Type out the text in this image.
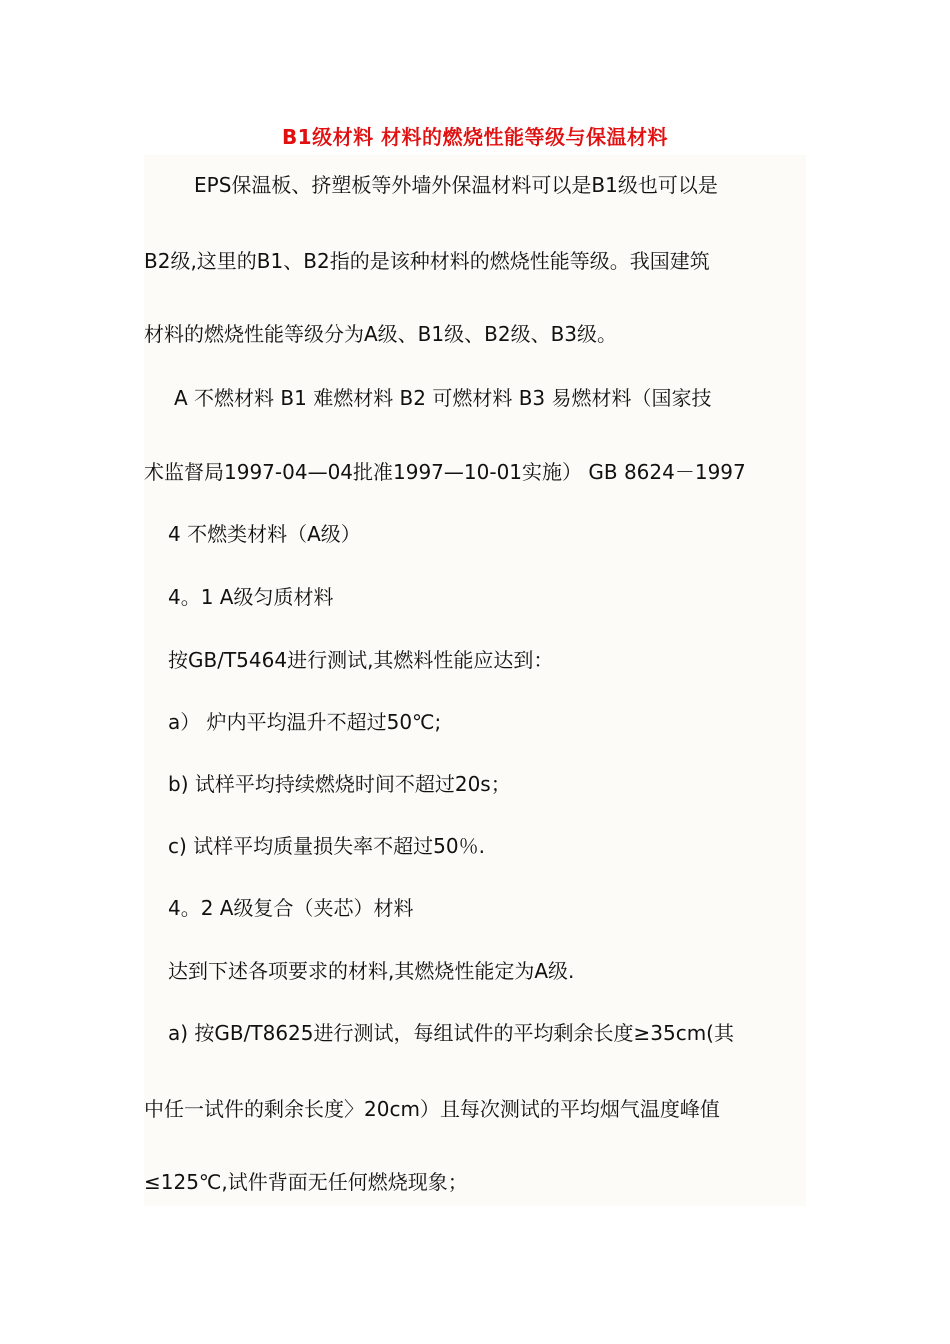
B1级材料 材料的燃烧性能等级与保温材料
EPS保温板、挤塑板等外墙外保温材料可以是B1级也可以是
B2级,这里的B1、B2指的是该种材料的燃烧性能等级。我国建筑
材料的燃烧性能等级分为A级、B1级、B2级、B3级。
A 不燃材料 B1 难燃材料 B2 可燃材料 B3 易燃材料（国家技
术监督局1997-04—04批准1997—10-01实施） GB 8624－1997
4 不燃类材料（A级）
4。1 A级匀质材料
按GB/T5464进行测试,其燃料性能应达到：
a） 炉内平均温升不超过50℃;
b) 试样平均持续燃烧时间不超过20s；
c) 试样平均质量损失率不超过50％.
4。2 A级复合（夹芯）材料
达到下述各项要求的材料,其燃烧性能定为A级.
a) 按GB/T8625进行测试，每组试件的平均剩余长度≥35cm(其
中任一试件的剩余长度〉20cm）且每次测试的平均烟气温度峰值
≤125℃,试件背面无任何燃烧现象；
